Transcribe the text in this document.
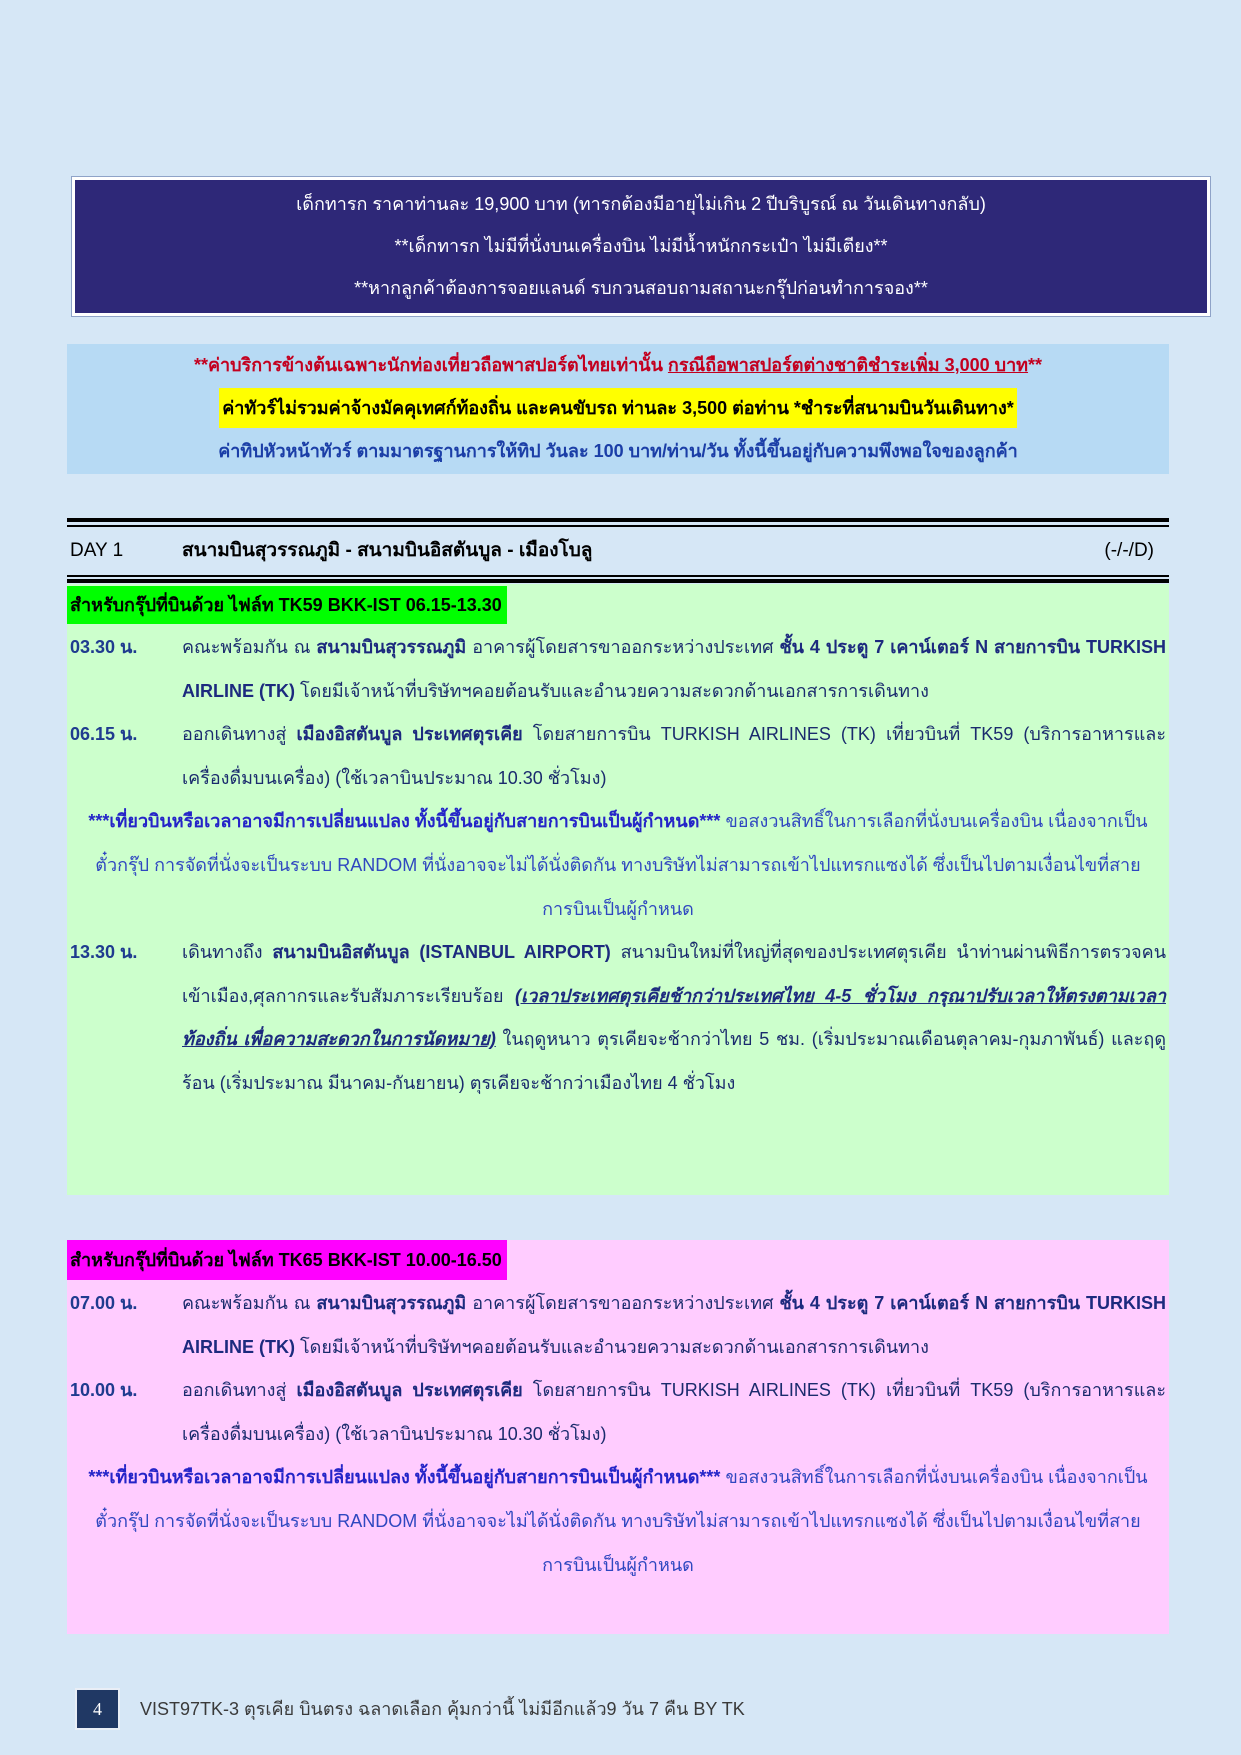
เด็กทารก ราคาท่านละ 19,900 บาท (ทารกต้องมีอายุไม่เกิน 2 ปีบริบูรณ์ ณ วันเดินทางกลับ)
**เด็กทารก ไม่มีที่นั่งบนเครื่องบิน ไม่มีน้ำหนักกระเป๋า ไม่มีเตียง**
**หากลูกค้าต้องการจอยแลนด์ รบกวนสอบถามสถานะกรุ๊ปก่อนทำการจอง**
**ค่าบริการข้างต้นเฉพาะนักท่องเที่ยวถือพาสปอร์ตไทยเท่านั้น กรณีถือพาสปอร์ตต่างชาติชำระเพิ่ม 3,000 บาท**
ค่าทัวร์ไม่รวมค่าจ้างมัคคุเทศก์ท้องถิ่น และคนขับรถ ท่านละ 3,500 ต่อท่าน *ชำระที่สนามบินวันเดินทาง*
ค่าทิปหัวหน้าทัวร์ ตามมาตรฐานการให้ทิป วันละ 100 บาท/ท่าน/วัน ทั้งนี้ขึ้นอยู่กับความพึงพอใจของลูกค้า
DAY 1	สนามบินสุวรรณภูมิ - สนามบินอิสตันบูล - เมืองโบลู	(-/-/D)
สำหรับกรุ๊ปที่บินด้วย ไฟล์ท TK59 BKK-IST 06.15-13.30
03.30 น.	คณะพร้อมกัน ณ สนามบินสุวรรณภูมิ อาคารผู้โดยสารขาออกระหว่างประเทศ ชั้น 4 ประตู 7 เคาน์เตอร์ N สายการบิน TURKISH AIRLINE (TK) โดยมีเจ้าหน้าที่บริษัทฯคอยต้อนรับและอำนวยความสะดวกด้านเอกสารการเดินทาง
06.15 น.	ออกเดินทางสู่ เมืองอิสตันบูล ประเทศตุรเคีย โดยสายการบิน TURKISH AIRLINES (TK) เที่ยวบินที่ TK59 (บริการอาหารและเครื่องดื่มบนเครื่อง) (ใช้เวลาบินประมาณ 10.30 ชั่วโมง)
***เที่ยวบินหรือเวลาอาจมีการเปลี่ยนแปลง ทั้งนี้ขึ้นอยู่กับสายการบินเป็นผู้กำหนด*** ขอสงวนสิทธิ์ในการเลือกที่นั่งบนเครื่องบิน เนื่องจากเป็นตั๋วกรุ๊ป การจัดที่นั่งจะเป็นระบบ RANDOM ที่นั่งอาจจะไม่ได้นั่งติดกัน ทางบริษัทไม่สามารถเข้าไปแทรกแซงได้ ซึ่งเป็นไปตามเงื่อนไขที่สายการบินเป็นผู้กำหนด
13.30 น.	เดินทางถึง สนามบินอิสตันบูล (ISTANBUL AIRPORT) สนามบินใหม่ที่ใหญ่ที่สุดของประเทศตุรเคีย นำท่านผ่านพิธีการตรวจคนเข้าเมือง,ศุลกากรและรับสัมภาระเรียบร้อย (เวลาประเทศตุรเคียช้ากว่าประเทศไทย 4-5 ชั่วโมง กรุณาปรับเวลาให้ตรงตามเวลาท้องถิ่น เพื่อความสะดวกในการนัดหมาย) ในฤดูหนาว ตุรเคียจะช้ากว่าไทย 5 ชม. (เริ่มประมาณเดือนตุลาคม-กุมภาพันธ์) และฤดูร้อน (เริ่มประมาณ มีนาคม-กันยายน) ตุรเคียจะช้ากว่าเมืองไทย 4 ชั่วโมง
สำหรับกรุ๊ปที่บินด้วย ไฟล์ท TK65 BKK-IST 10.00-16.50
07.00 น.	คณะพร้อมกัน ณ สนามบินสุวรรณภูมิ อาคารผู้โดยสารขาออกระหว่างประเทศ ชั้น 4 ประตู 7 เคาน์เตอร์ N สายการบิน TURKISH AIRLINE (TK) โดยมีเจ้าหน้าที่บริษัทฯคอยต้อนรับและอำนวยความสะดวกด้านเอกสารการเดินทาง
10.00 น.	ออกเดินทางสู่ เมืองอิสตันบูล ประเทศตุรเคีย โดยสายการบิน TURKISH AIRLINES (TK) เที่ยวบินที่ TK59 (บริการอาหารและเครื่องดื่มบนเครื่อง) (ใช้เวลาบินประมาณ 10.30 ชั่วโมง)
***เที่ยวบินหรือเวลาอาจมีการเปลี่ยนแปลง ทั้งนี้ขึ้นอยู่กับสายการบินเป็นผู้กำหนด*** ขอสงวนสิทธิ์ในการเลือกที่นั่งบนเครื่องบิน เนื่องจากเป็นตั๋วกรุ๊ป การจัดที่นั่งจะเป็นระบบ RANDOM ที่นั่งอาจจะไม่ได้นั่งติดกัน ทางบริษัทไม่สามารถเข้าไปแทรกแซงได้ ซึ่งเป็นไปตามเงื่อนไขที่สายการบินเป็นผู้กำหนด
4	VIST97TK-3 ตุรเคีย บินตรง ฉลาดเลือก คุ้มกว่านี้ ไม่มีอีกแล้ว9 วัน 7 คืน BY TK
